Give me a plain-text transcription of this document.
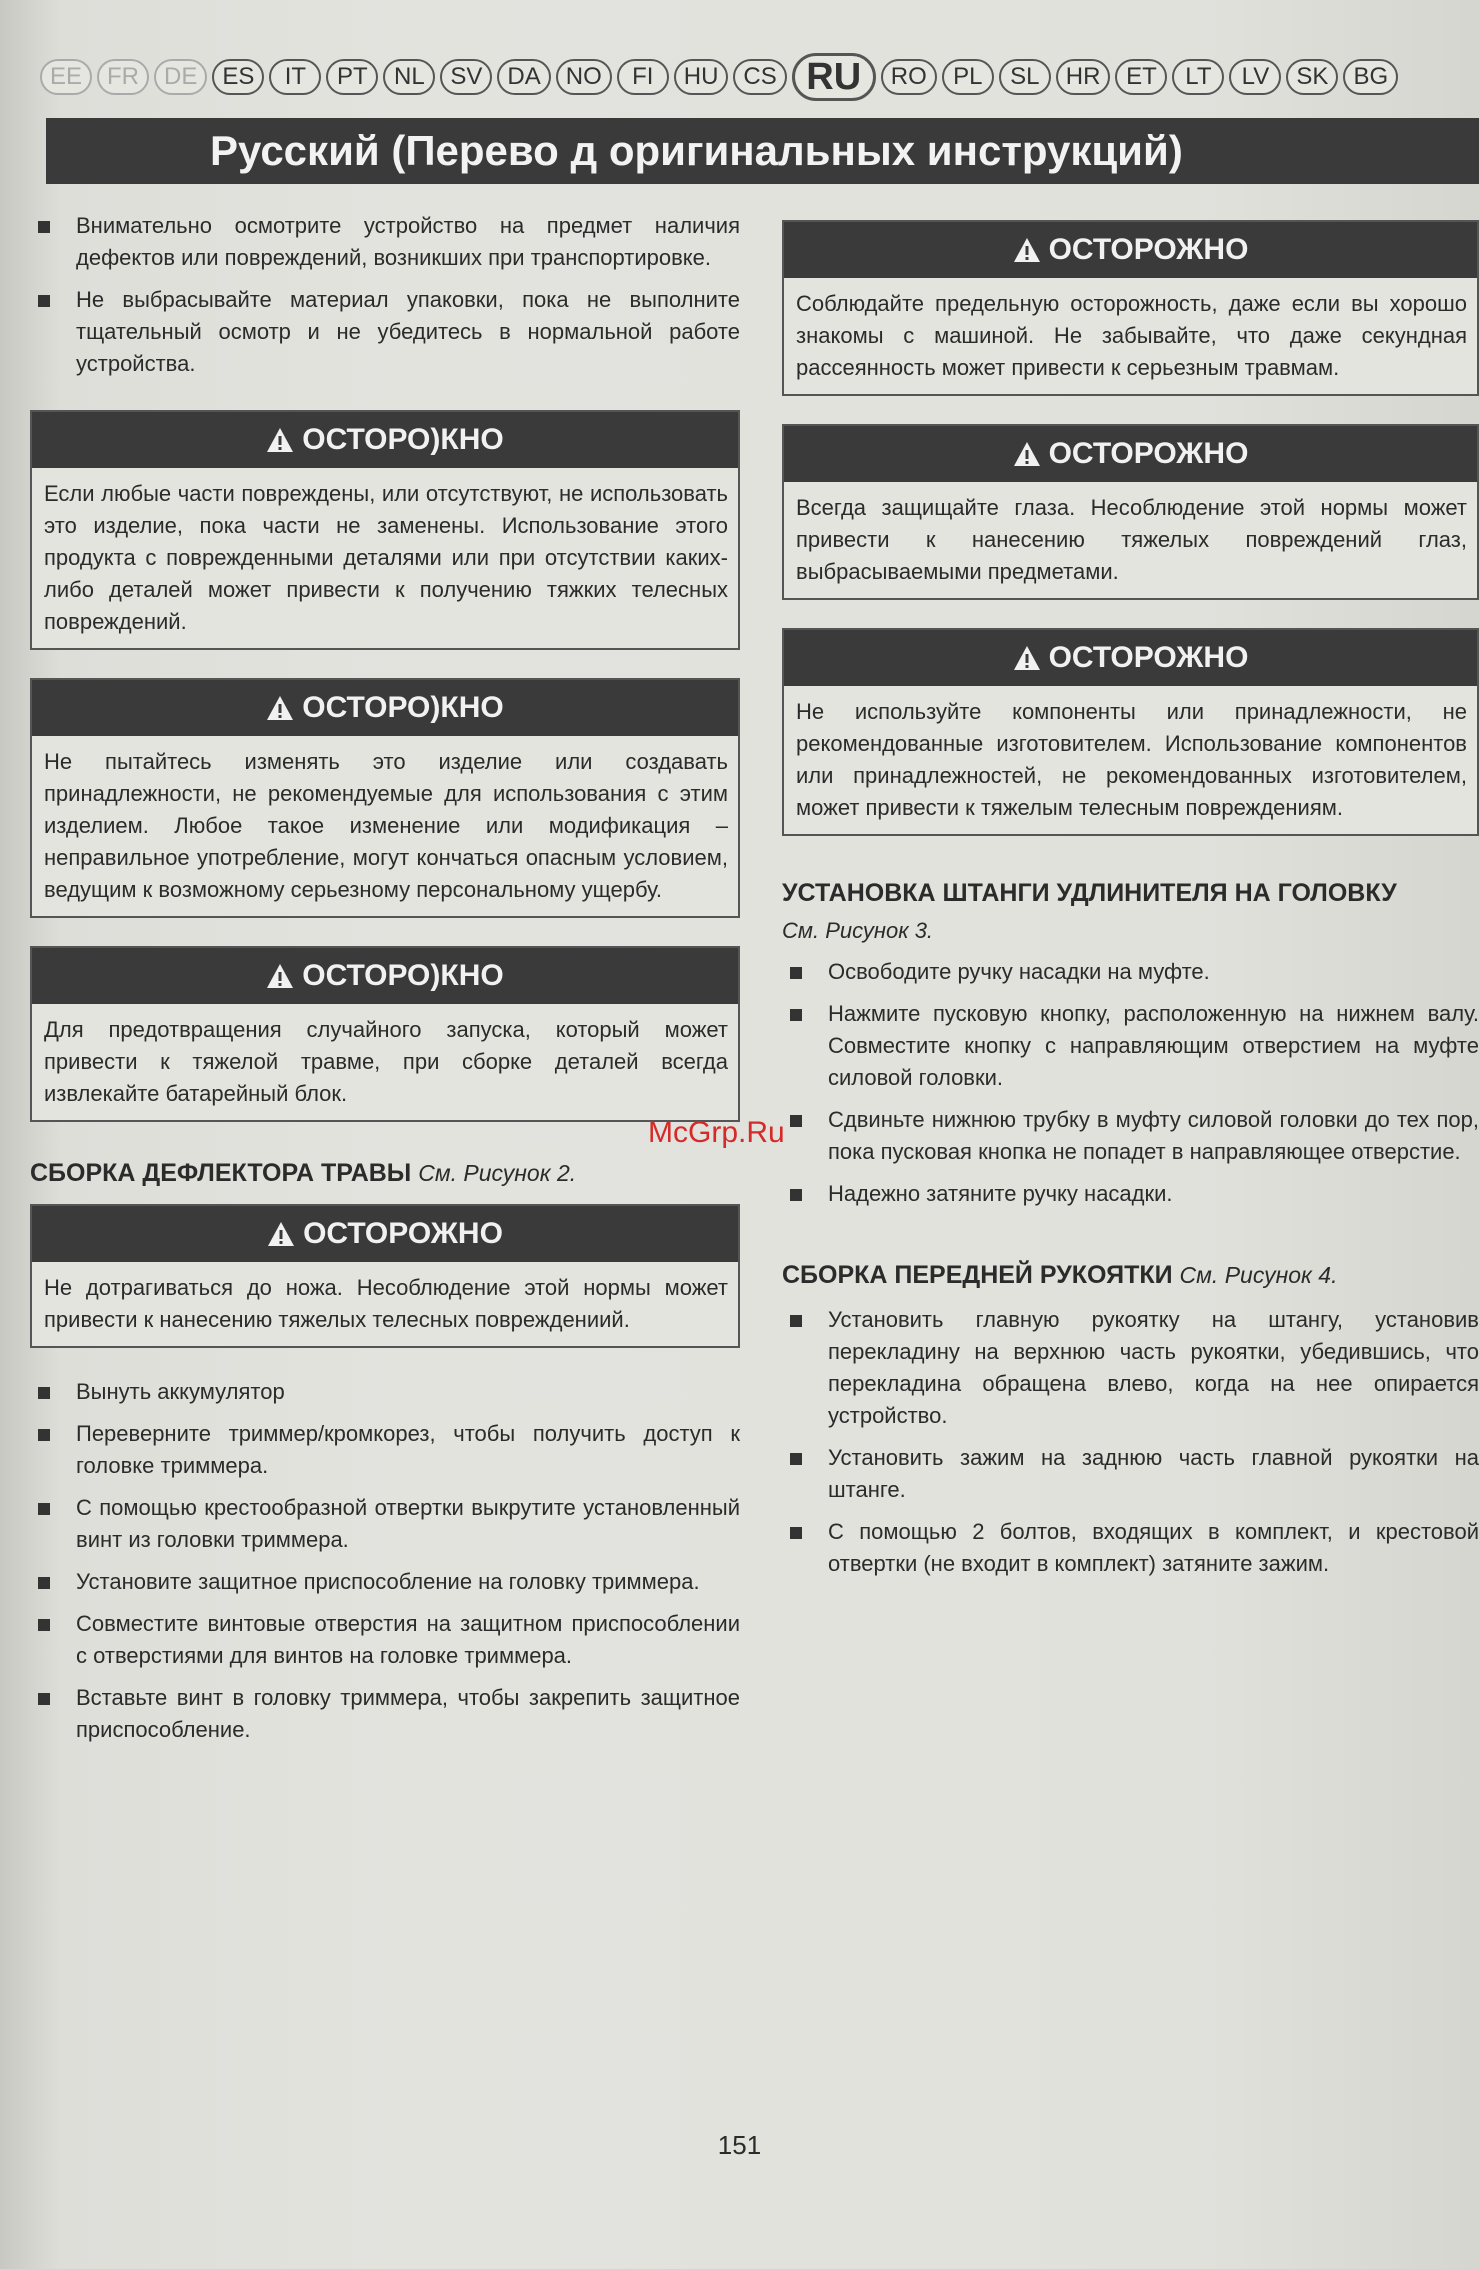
EE	FR	DE	ES	IT	PT	NL	SV	DA	NO	FI	HU	CS RU	RO	PL	SL	HR	ET	LT	LV	SK	BG
Русский (Перево д оригинальных инструкций)
Внимательно осмотрите устройство на предмет наличия дефектов или повреждений, возникших при транспортировке.
Не выбрасывайте материал упаковки, пока не выполните тщательный осмотр и не убедитесь в нормальной работе устройства.
ОСТОРО)КНО
Если любые части повреждены, или отсутствуют, не использовать это изделие, пока части не заменены. Использование этого продукта с поврежденными деталями или при отсутствии каких-либо деталей может привести к получению тяжких телесных повреждений.
ОСТОРО)КНО
Не пытайтесь изменять это изделие или создавать принадлежности, не рекомендуемые для использования с этим изделием. Любое такое изменение или модификация – неправильное употребление, могут кончаться опасным условием, ведущим к возможному серьезному персональному ущербу.
ОСТОРО)КНО
Для предотвращения случайного запуска, который может привести к тяжелой травме, при сборке деталей всегда извлекайте батарейный блок.
СБОРКА ДЕФЛЕКТОРА ТРАВЫ См. Рисунок 2.
ОСТОРОЖНО
Не дотрагиваться до ножа. Несоблюдение этой нормы может привести к нанесению тяжелых телесных повреждениий.
Вынуть аккумулятор
Переверните триммер/кромкорез, чтобы получить доступ к головке триммера.
С помощью крестообразной отвертки выкрутите установленный винт из головки триммера.
Установите защитное приспособление на головку триммера.
Совместите винтовые отверстия на защитном приспособлении с отверстиями для винтов на головке триммера.
Вставьте винт в головку триммера, чтобы закрепить защитное приспособление.
ОСТОРОЖНО
Соблюдайте предельную осторожность, даже если вы хорошо знакомы с машиной. Не забывайте, что даже секундная рассеянность может привести к серьезным травмам.
ОСТОРОЖНО
Всегда защищайте глаза. Несоблюдение этой нормы может привести к нанесению тяжелых повреждений глаз, выбрасываемыми предметами.
ОСТОРОЖНО
Не используйте компоненты или принадлежности, не рекомендованные изготовителем. Использование компонентов или принадлежностей, не рекомендованных изготовителем, может привести к тяжелым телесным повреждениям.
УСТАНОВКА ШТАНГИ УДЛИНИТЕЛЯ НА ГОЛОВКУ
См. Рисунок 3.
Освободите ручку насадки на муфте.
Нажмите пусковую кнопку, расположенную на нижнем валу. Совместите кнопку с направляющим отверстием на муфте силовой головки.
Сдвиньте нижнюю трубку в муфту силовой головки до тех пор, пока пусковая кнопка не попадет в направляющее отверстие.
Надежно затяните ручку насадки.
СБОРКА ПЕРЕДНЕЙ РУКОЯТКИ См. Рисунок 4.
Установить главную рукоятку на штангу, установив перекладину на верхнюю часть рукоятки, убедившись, что перекладина обращена влево, когда на нее опирается устройство.
Установить зажим на заднюю часть главной рукоятки на штанге.
С помощью 2 болтов, входящих в комплект, и крестовой отвертки (не входит в комплект) затяните зажим.
McGrp.Ru
151
